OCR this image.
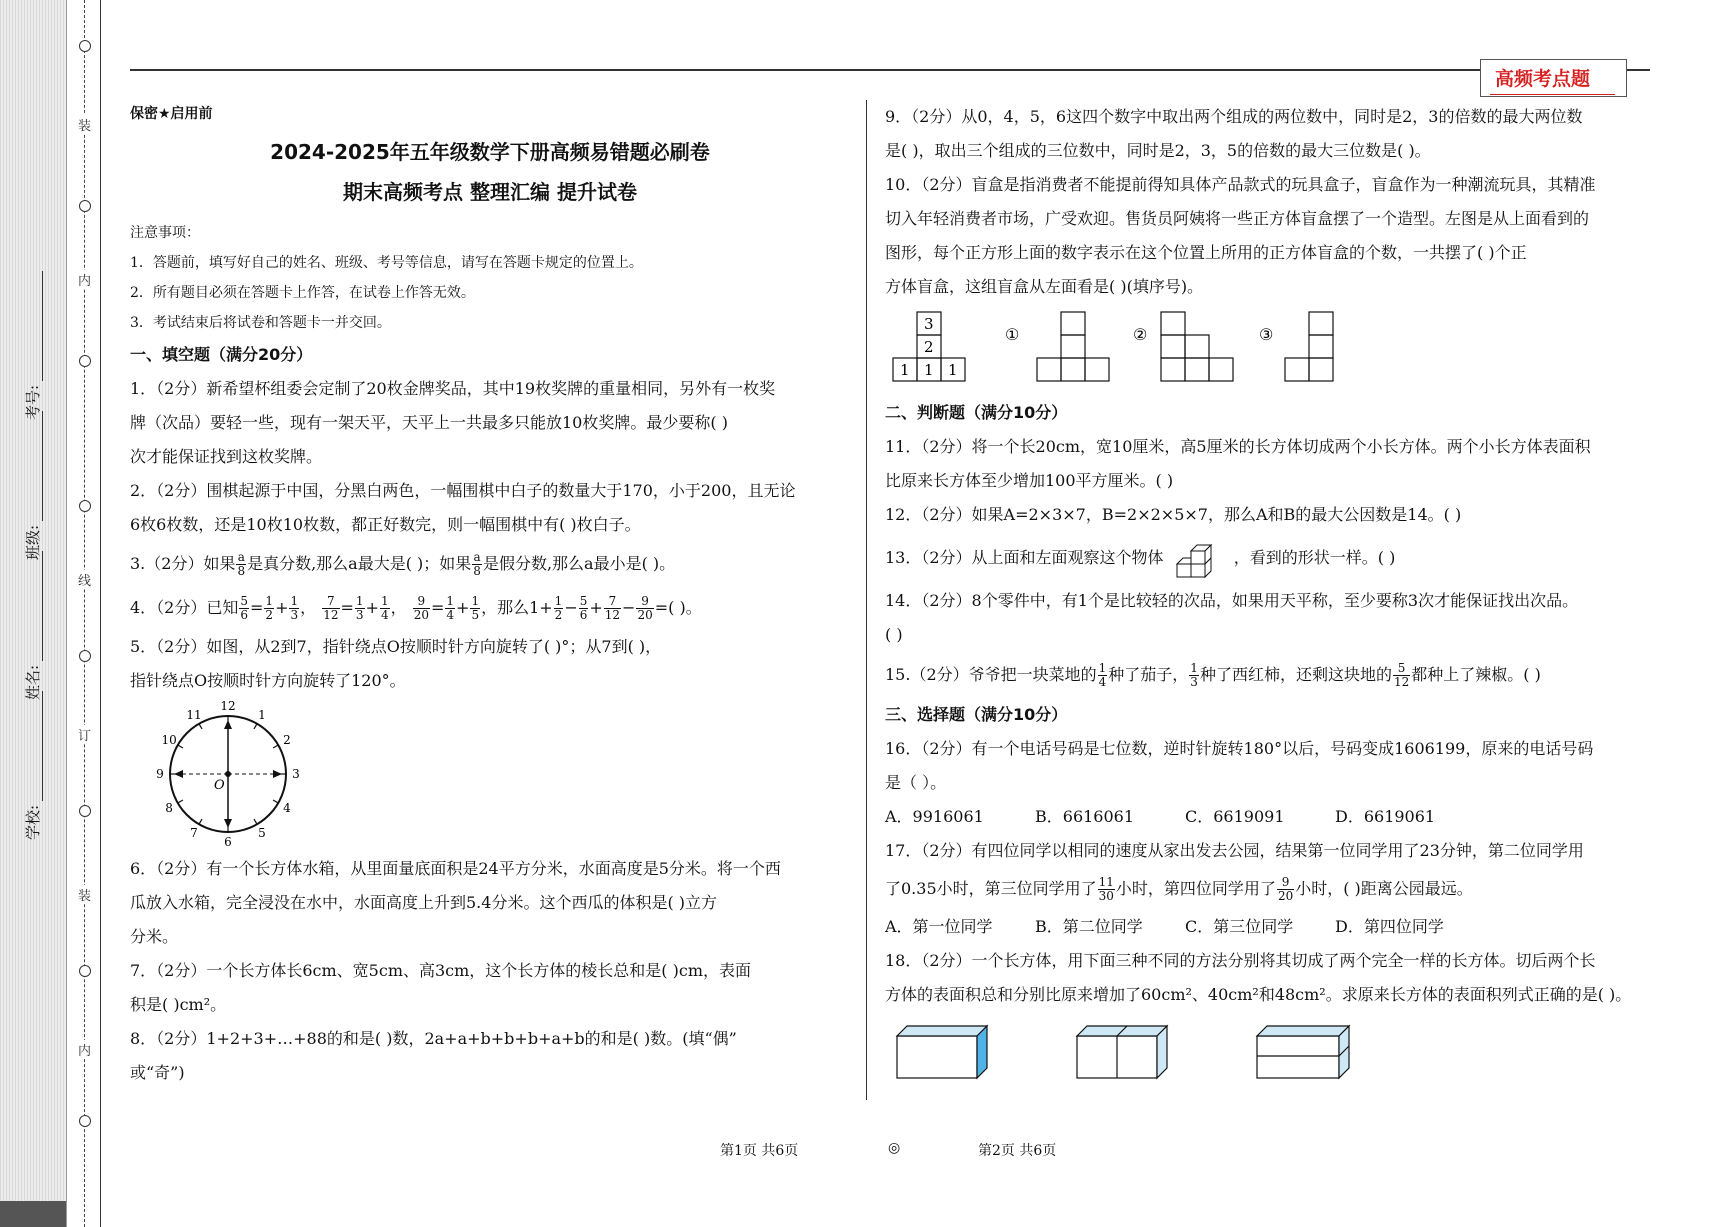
装
内
线
订
装
内
学校:
姓名:
班级:
考号:
高频考点题
保密★启用前
2024-2025年五年级数学下册高频易错题必刷卷
期末高频考点 整理汇编 提升试卷
注意事项：
1．答题前，填写好自己的姓名、班级、考号等信息，请写在答题卡规定的位置上。
2．所有题目必须在答题卡上作答，在试卷上作答无效。
3．考试结束后将试卷和答题卡一并交回。
一、填空题（满分20分）
1．（2分）新希望杯组委会定制了20枚金牌奖品，其中19枚奖牌的重量相同，另外有一枚奖
牌（次品）要轻一些，现有一架天平，天平上一共最多只能放10枚奖牌。最少要称( )
次才能保证找到这枚奖牌。
2．（2分）围棋起源于中国，分黑白两色，一幅围棋中白子的数量大于170，小于200，且无论
6枚6枚数，还是10枚10枚数，都正好数完，则一幅围棋中有( )枚白子。
3.（2分）如果 $\frac{a}{8}$ 是真分数,那么a最大是( )；如果 $\frac{a}{8}$ 是假分数,那么a最小是( )。
4．（2分）已知 $\frac{5}{6} = \frac{1}{2} + \frac{1}{3}$ ， $\frac{7}{12} = \frac{1}{3} + \frac{1}{4}$ ， $\frac{9}{20} = \frac{1}{4} + \frac{1}{5}$ ，那么$1+ \frac{1}{2} - \frac{5}{6} + \frac{7}{12} - \frac{9}{20}$ =( )。
5．（2分）如图，从2到7，指针绕点O按顺时针方向旋转了( )°；从7到( )，
指针绕点O按顺时针方向旋转了120°。
O
12
1
2
3
4
5
6
7
8
9
10
11
6．（2分）有一个长方体水箱，从里面量底面积是24平方分米，水面高度是5分米。将一个西
瓜放入水箱，完全浸没在水中，水面高度上升到5.4分米。这个西瓜的体积是( )立方
分米。
7．（2分）一个长方体长6cm、宽5cm、高3cm，这个长方体的棱长总和是( )cm，表面
积是( )cm²。
8．（2分）1+2+3+…+88的和是( )数，2a+a+b+b+b+a+b的和是( )数。(填“偶”
或“奇”)
9．（2分）从0，4，5，6这四个数字中取出两个组成的两位数中，同时是2，3的倍数的最大两位数
是( )，取出三个组成的三位数中，同时是2，3，5的倍数的最大三位数是( )。
10．（2分）盲盒是指消费者不能提前得知具体产品款式的玩具盒子，盲盒作为一种潮流玩具，其精准
切入年轻消费者市场，广受欢迎。售货员阿姨将一些正方体盲盒摆了一个造型。左图是从上面看到的
图形，每个正方形上面的数字表示在这个位置上所用的正方体盲盒的个数，一共摆了( )个正
方体盲盒，这组盲盒从左面看是( )(填序号)。
3
2
1 1 1
①	②	③
二、判断题（满分10分）
11．（2分）将一个长20cm，宽10厘米，高5厘米的长方体切成两个小长方体。两个小长方体表面积
比原来长方体至少增加100平方厘米。( )
12．（2分）如果A=2×3×7，B=2×2×5×7，那么A和B的最大公因数是14。( )
13．（2分）从上面和左面观察这个物体	，看到的形状一样。( )
14．（2分）8个零件中，有1个是比较轻的次品，如果用天平称，至少要称3次才能保证找出次品。
( )
15.（2分）爷爷把一块菜地的 $\frac{1}{4}$ 种了茄子， $\frac{1}{3}$ 种了西红柿，还剩这块地的 $\frac{5}{12}$ 都种上了辣椒。( )
三、选择题（满分10分）
16．（2分）有一个电话号码是七位数，逆时针旋转180°以后，号码变成1606199，原来的电话号码
是（ ）。
A．9916061	B．6616061	C．6619091	D．6619061
17．（2分）有四位同学以相同的速度从家出发去公园，结果第一位同学用了23分钟，第二位同学用
了0.35小时，第三位同学用了 $\frac{11}{30}$ 小时，第四位同学用了 $\frac{9}{20}$ 小时，( )距离公园最远。
A．第一位同学	B．第二位同学	C．第三位同学	D．第四位同学
18．（2分）一个长方体，用下面三种不同的方法分别将其切成了两个完全一样的长方体。切后两个长
方体的表面积总和分别比原来增加了60cm²、40cm²和48cm²。求原来长方体的表面积列式正确的是( )。
第1页 共6页	◎	第2页 共6页
